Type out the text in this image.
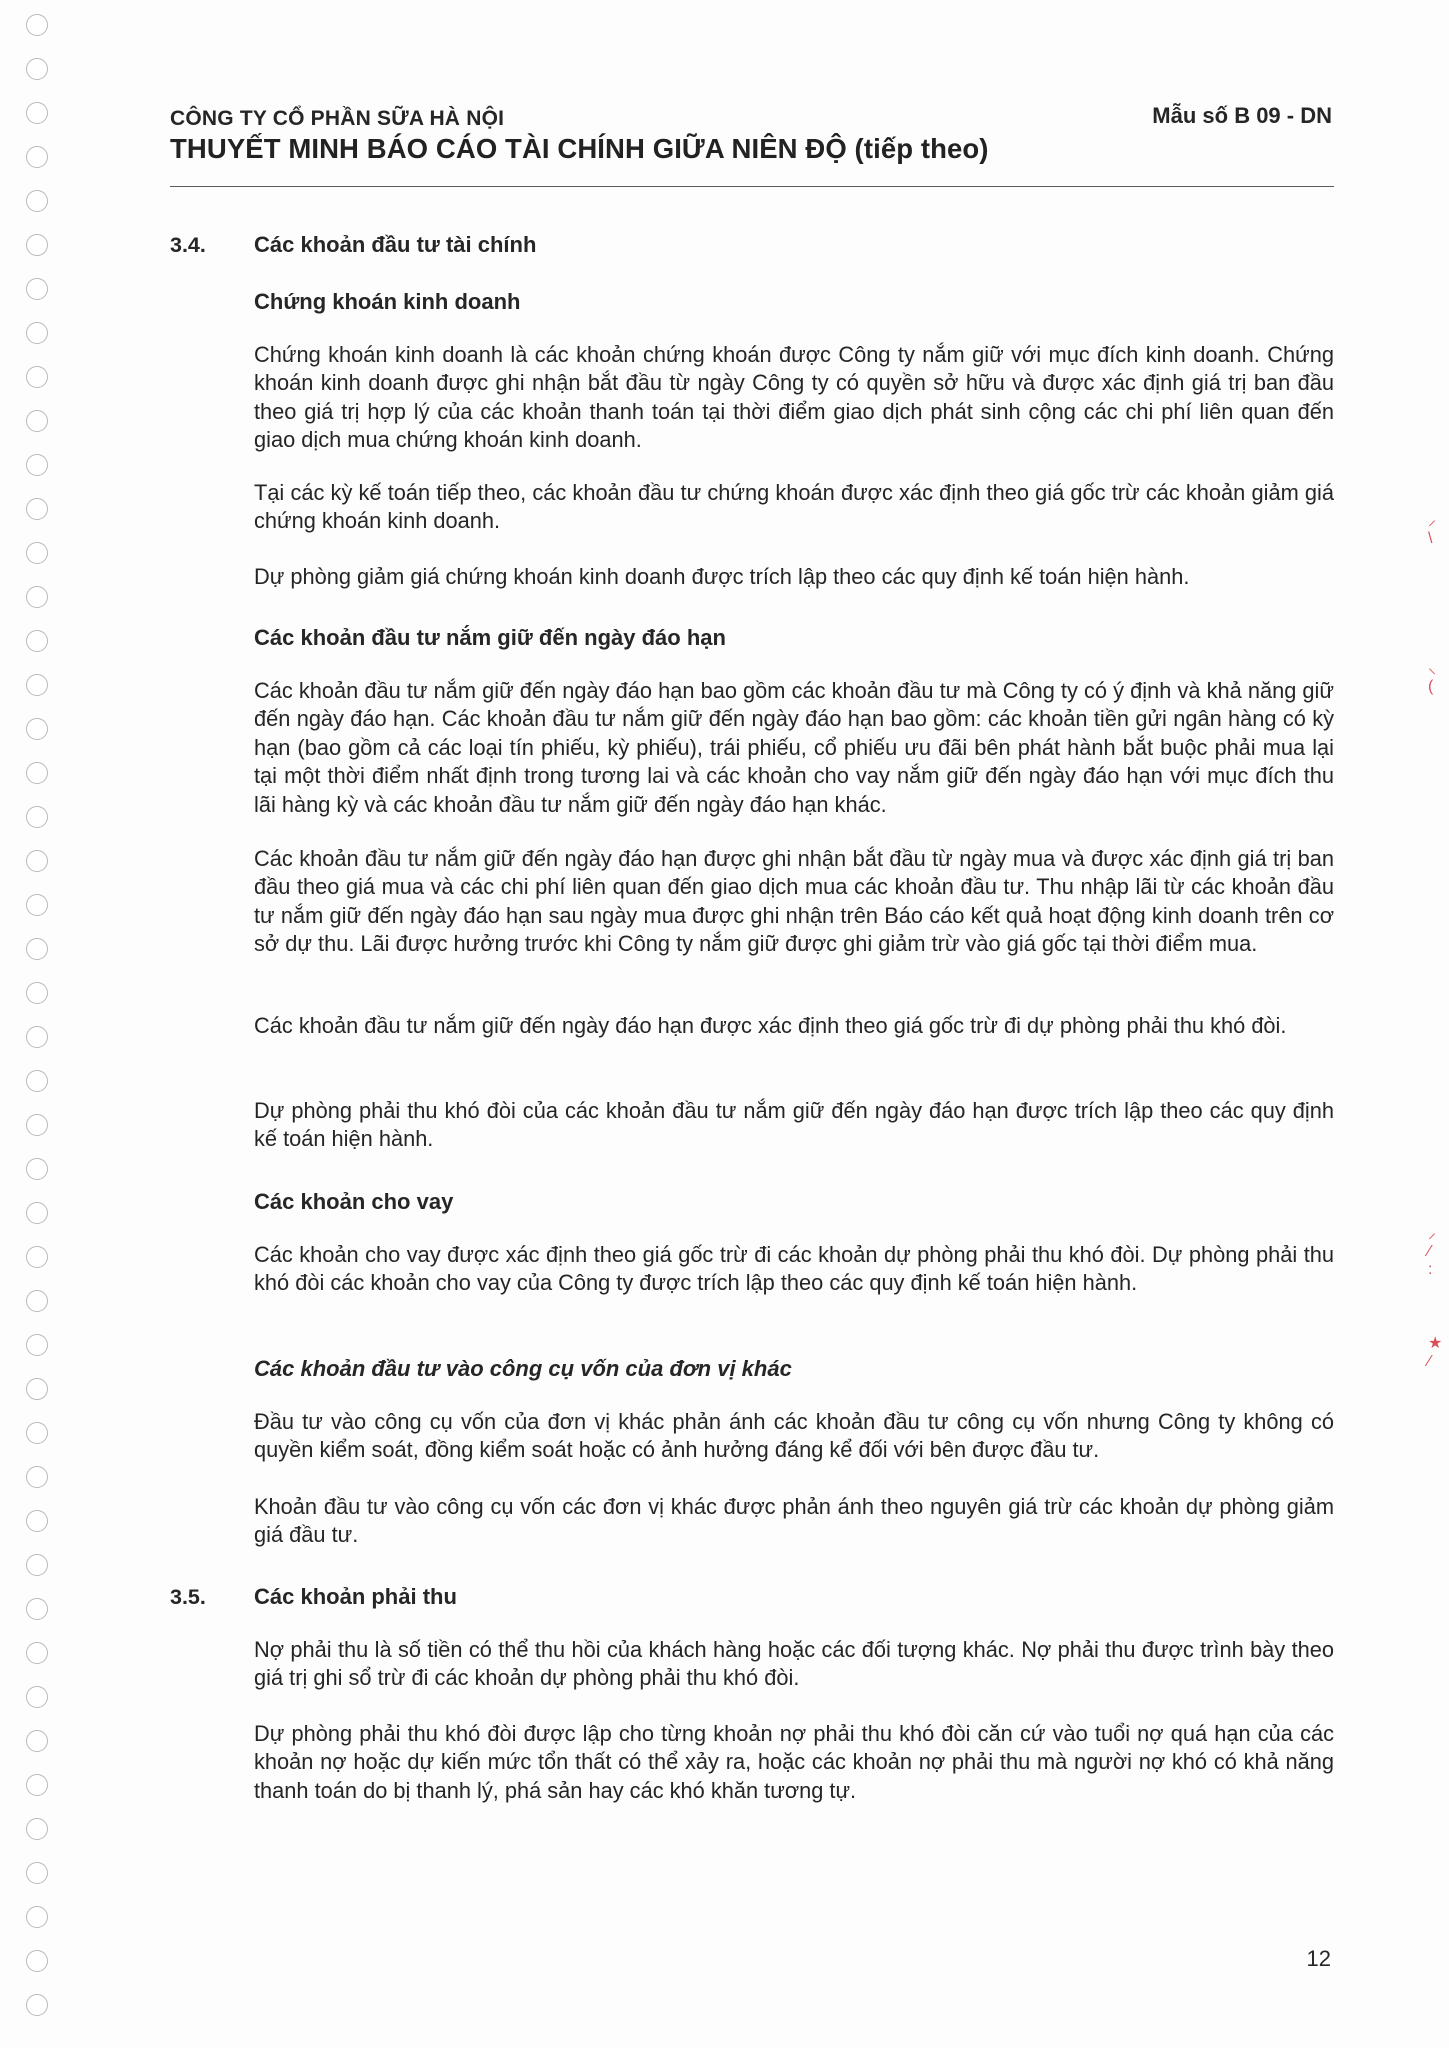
CÔNG TY CỔ PHẦN SỮA HÀ NỘI
THUYẾT MINH BÁO CÁO TÀI CHÍNH GIỮA NIÊN ĐỘ (tiếp theo)
Mẫu số B 09 - DN
3.4. Các khoản đầu tư tài chính
Chứng khoán kinh doanh

Chứng khoán kinh doanh là các khoản chứng khoán được Công ty nắm giữ với mục đích kinh doanh. Chứng khoán kinh doanh được ghi nhận bắt đầu từ ngày Công ty có quyền sở hữu và được xác định giá trị ban đầu theo giá trị hợp lý của các khoản thanh toán tại thời điểm giao dịch phát sinh cộng các chi phí liên quan đến giao dịch mua chứng khoán kinh doanh.

Tại các kỳ kế toán tiếp theo, các khoản đầu tư chứng khoán được xác định theo giá gốc trừ các khoản giảm giá chứng khoán kinh doanh.

Dự phòng giảm giá chứng khoán kinh doanh được trích lập theo các quy định kế toán hiện hành.

Các khoản đầu tư nắm giữ đến ngày đáo hạn

Các khoản đầu tư nắm giữ đến ngày đáo hạn bao gồm các khoản đầu tư mà Công ty có ý định và khả năng giữ đến ngày đáo hạn. Các khoản đầu tư nắm giữ đến ngày đáo hạn bao gồm: các khoản tiền gửi ngân hàng có kỳ hạn (bao gồm cả các loại tín phiếu, kỳ phiếu), trái phiếu, cổ phiếu ưu đãi bên phát hành bắt buộc phải mua lại tại một thời điểm nhất định trong tương lai và các khoản cho vay nắm giữ đến ngày đáo hạn với mục đích thu lãi hàng kỳ và các khoản đầu tư nắm giữ đến ngày đáo hạn khác.

Các khoản đầu tư nắm giữ đến ngày đáo hạn được ghi nhận bắt đầu từ ngày mua và được xác định giá trị ban đầu theo giá mua và các chi phí liên quan đến giao dịch mua các khoản đầu tư. Thu nhập lãi từ các khoản đầu tư nắm giữ đến ngày đáo hạn sau ngày mua được ghi nhận trên Báo cáo kết quả hoạt động kinh doanh trên cơ sở dự thu. Lãi được hưởng trước khi Công ty nắm giữ được ghi giảm trừ vào giá gốc tại thời điểm mua.

Các khoản đầu tư nắm giữ đến ngày đáo hạn được xác định theo giá gốc trừ đi dự phòng phải thu khó đòi.

Dự phòng phải thu khó đòi của các khoản đầu tư nắm giữ đến ngày đáo hạn được trích lập theo các quy định kế toán hiện hành.

Các khoản cho vay

Các khoản cho vay được xác định theo giá gốc trừ đi các khoản dự phòng phải thu khó đòi. Dự phòng phải thu khó đòi các khoản cho vay của Công ty được trích lập theo các quy định kế toán hiện hành.

Các khoản đầu tư vào công cụ vốn của đơn vị khác

Đầu tư vào công cụ vốn của đơn vị khác phản ánh các khoản đầu tư công cụ vốn nhưng Công ty không có quyền kiểm soát, đồng kiểm soát hoặc có ảnh hưởng đáng kể đối với bên được đầu tư.

Khoản đầu tư vào công cụ vốn các đơn vị khác được phản ánh theo nguyên giá trừ các khoản dự phòng giảm giá đầu tư.

3.5. Các khoản phải thu

Nợ phải thu là số tiền có thể thu hồi của khách hàng hoặc các đối tượng khác. Nợ phải thu được trình bày theo giá trị ghi sổ trừ đi các khoản dự phòng phải thu khó đòi.

Dự phòng phải thu khó đòi được lập cho từng khoản nợ phải thu khó đòi căn cứ vào tuổi nợ quá hạn của các khoản nợ hoặc dự kiến mức tổn thất có thể xảy ra, hoặc các khoản nợ phải thu mà người nợ khó có khả năng thanh toán do bị thanh lý, phá sản hay các khó khăn tương tự.

12
⸝
\
⸜
(
⸝
∕
:
★
∕
